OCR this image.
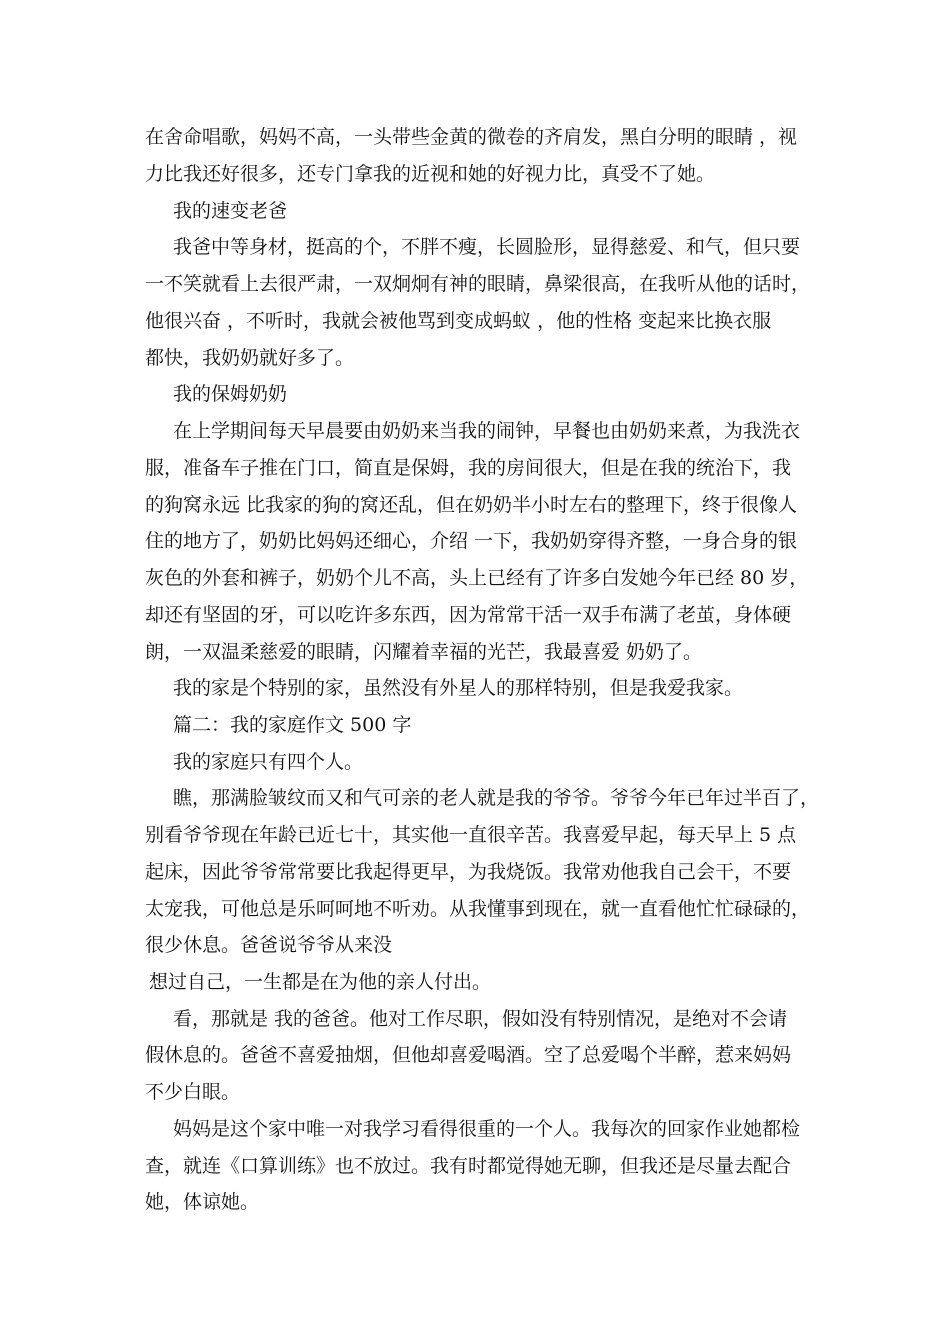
在舍命唱歌，妈妈不高，一头带些金黄的微卷的齐肩发，黑白分明的眼睛 ，视
力比我还好很多，还专门拿我的近视和她的好视力比，真受不了她。
我的速变老爸
我爸中等身材，挺高的个，不胖不瘦，长圆脸形，显得慈爱、和气，但只要
一不笑就看上去很严肃，一双炯炯有神的眼睛，鼻梁很高，在我听从他的话时，
他很兴奋 ，不听时，我就会被他骂到变成蚂蚁 ，他的性格 变起来比换衣服
都快，我奶奶就好多了。
我的保姆奶奶
在上学期间每天早晨要由奶奶来当我的闹钟，早餐也由奶奶来煮，为我洗衣
服，准备车子推在门口，简直是保姆，我的房间很大，但是在我的统治下，我
的狗窝永远 比我家的狗的窝还乱，但在奶奶半小时左右的整理下，终于很像人
住的地方了，奶奶比妈妈还细心，介绍 一下，我奶奶穿得齐整，一身合身的银
灰色的外套和裤子，奶奶个儿不高，头上已经有了许多白发她今年已经 80 岁，
却还有坚固的牙，可以吃许多东西，因为常常干活一双手布满了老茧，身体硬
朗，一双温柔慈爱的眼睛，闪耀着幸福的光芒，我最喜爱 奶奶了。
我的家是个特别的家，虽然没有外星人的那样特别，但是我爱我家。
篇二：我的家庭作文 500 字
我的家庭只有四个人。
瞧，那满脸皱纹而又和气可亲的老人就是我的爷爷。爷爷今年已年过半百了，
别看爷爷现在年龄已近七十，其实他一直很辛苦。我喜爱早起，每天早上 5 点
起床，因此爷爷常常要比我起得更早，为我烧饭。我常劝他我自己会干，不要
太宠我，可他总是乐呵呵地不听劝。从我懂事到现在，就一直看他忙忙碌碌的，
很少休息。爸爸说爷爷从来没
想过自己，一生都是在为他的亲人付出。
看，那就是 我的爸爸。他对工作尽职，假如没有特别情况，是绝对不会请
假休息的。爸爸不喜爱抽烟，但他却喜爱喝酒。空了总爱喝个半醉，惹来妈妈
不少白眼。
妈妈是这个家中唯一对我学习看得很重的一个人。我每次的回家作业她都检
查，就连《口算训练》也不放过。我有时都觉得她无聊，但我还是尽量去配合
她，体谅她。
